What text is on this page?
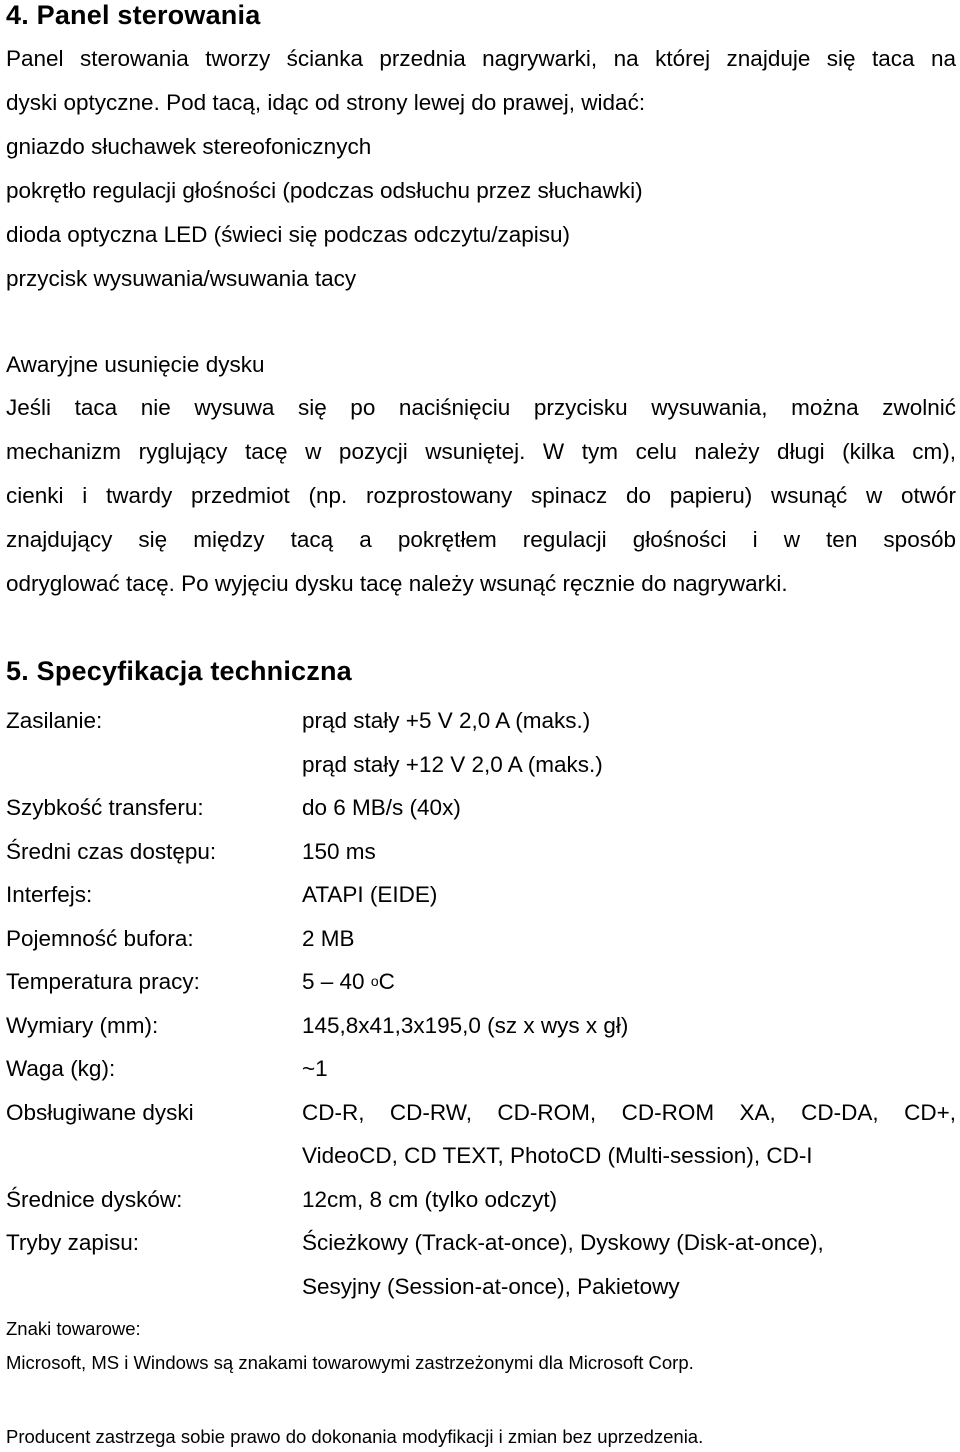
4. Panel sterowania
Panel sterowania tworzy ścianka przednia nagrywarki, na której znajduje się taca na
dyski optyczne. Pod tacą, idąc od strony lewej do prawej, widać:
gniazdo słuchawek stereofonicznych
pokrętło regulacji głośności (podczas odsłuchu przez słuchawki)
dioda optyczna LED (świeci się podczas odczytu/zapisu)
przycisk wysuwania/wsuwania tacy
Awaryjne usunięcie dysku
Jeśli taca nie wysuwa się po naciśnięciu przycisku wysuwania, można zwolnić
mechanizm ryglujący tacę w pozycji wsuniętej. W tym celu należy długi (kilka cm),
cienki i twardy przedmiot (np. rozprostowany spinacz do papieru) wsunąć w otwór
znajdujący się między tacą a pokrętłem regulacji głośności i w ten sposób
odryglować tacę. Po wyjęciu dysku tacę należy wsunąć ręcznie do nagrywarki.
5. Specyfikacja techniczna
Zasilanie:	prąd stały +5 V 2,0 A (maks.)
prąd stały +12 V 2,0 A (maks.)
Szybkość transferu:	do 6 MB/s (40x)
Średni czas dostępu:	150 ms
Interfejs:	ATAPI (EIDE)
Pojemność bufora:	2 MB
Temperatura pracy:	5 – 40 $^o$C
Wymiary (mm):	145,8x41,3x195,0 (sz x wys x gł)
Waga (kg):	~1
Obsługiwane dyski	CD-R, CD-RW, CD-ROM, CD-ROM XA, CD-DA, CD+,
VideoCD, CD TEXT, PhotoCD (Multi-session), CD-I
Średnice dysków:	12cm, 8 cm (tylko odczyt)
Tryby zapisu:	Ścieżkowy (Track-at-once), Dyskowy (Disk-at-once),
Sesyjny (Session-at-once), Pakietowy
Znaki towarowe:
Microsoft, MS i Windows są znakami towarowymi zastrzeżonymi dla Microsoft Corp.
Producent zastrzega sobie prawo do dokonania modyfikacji i zmian bez uprzedzenia.
